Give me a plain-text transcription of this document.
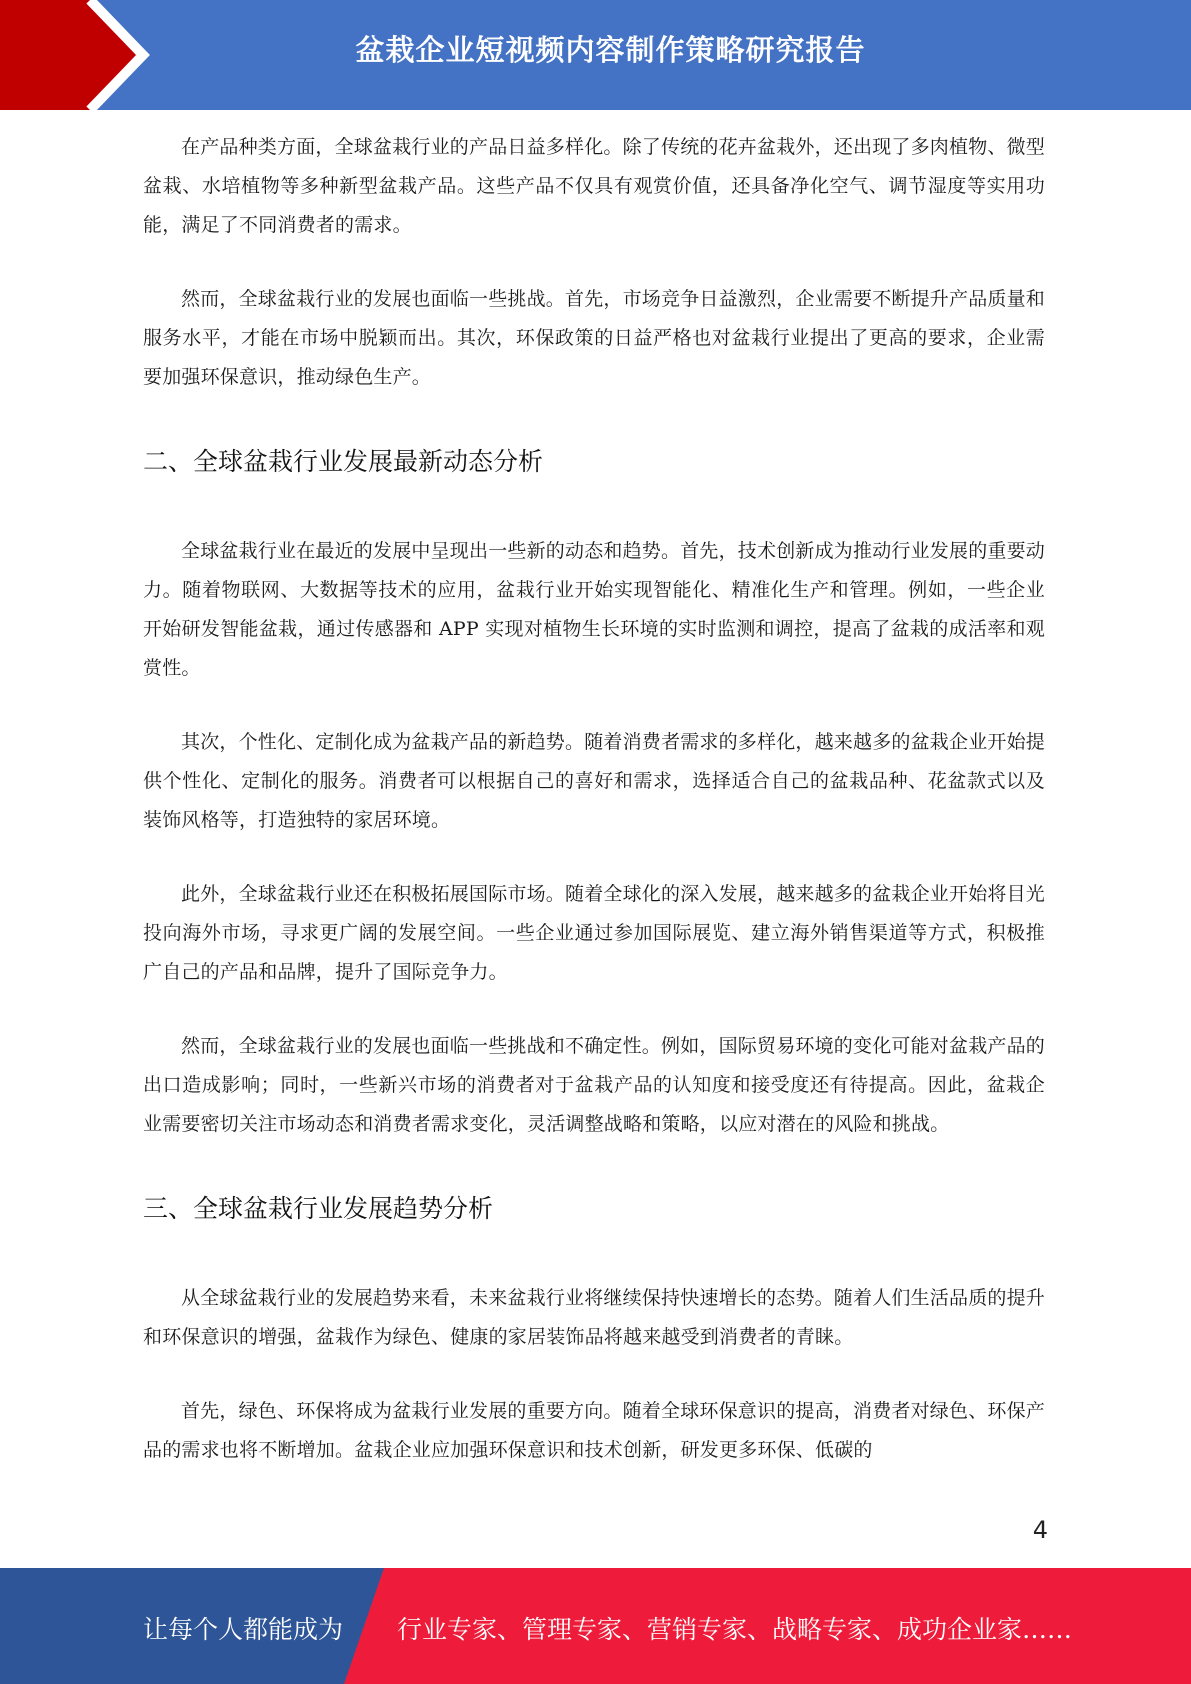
盆栽企业短视频内容制作策略研究报告

在产品种类方面，全球盆栽行业的产品日益多样化。除了传统的花卉盆栽外，还出现了多肉植物、微型盆栽、水培植物等多种新型盆栽产品。这些产品不仅具有观赏价值，还具备净化空气、调节湿度等实用功能，满足了不同消费者的需求。

然而，全球盆栽行业的发展也面临一些挑战。首先，市场竞争日益激烈，企业需要不断提升产品质量和服务水平，才能在市场中脱颖而出。其次，环保政策的日益严格也对盆栽行业提出了更高的要求，企业需要加强环保意识，推动绿色生产。

二、全球盆栽行业发展最新动态分析

全球盆栽行业在最近的发展中呈现出一些新的动态和趋势。首先，技术创新成为推动行业发展的重要动力。随着物联网、大数据等技术的应用，盆栽行业开始实现智能化、精准化生产和管理。例如，一些企业开始研发智能盆栽，通过传感器和 APP 实现对植物生长环境的实时监测和调控，提高了盆栽的成活率和观赏性。

其次，个性化、定制化成为盆栽产品的新趋势。随着消费者需求的多样化，越来越多的盆栽企业开始提供个性化、定制化的服务。消费者可以根据自己的喜好和需求，选择适合自己的盆栽品种、花盆款式以及装饰风格等，打造独特的家居环境。

此外，全球盆栽行业还在积极拓展国际市场。随着全球化的深入发展，越来越多的盆栽企业开始将目光投向海外市场，寻求更广阔的发展空间。一些企业通过参加国际展览、建立海外销售渠道等方式，积极推广自己的产品和品牌，提升了国际竞争力。

然而，全球盆栽行业的发展也面临一些挑战和不确定性。例如，国际贸易环境的变化可能对盆栽产品的出口造成影响；同时，一些新兴市场的消费者对于盆栽产品的认知度和接受度还有待提高。因此，盆栽企业需要密切关注市场动态和消费者需求变化，灵活调整战略和策略，以应对潜在的风险和挑战。

三、全球盆栽行业发展趋势分析

从全球盆栽行业的发展趋势来看，未来盆栽行业将继续保持快速增长的态势。随着人们生活品质的提升和环保意识的增强，盆栽作为绿色、健康的家居装饰品将越来越受到消费者的青睐。

首先，绿色、环保将成为盆栽行业发展的重要方向。随着全球环保意识的提高，消费者对绿色、环保产品的需求也将不断增加。盆栽企业应加强环保意识和技术创新，研发更多环保、低碳的

4
让每个人都能成为 行业专家、管理专家、营销专家、战略专家、成功企业家……
